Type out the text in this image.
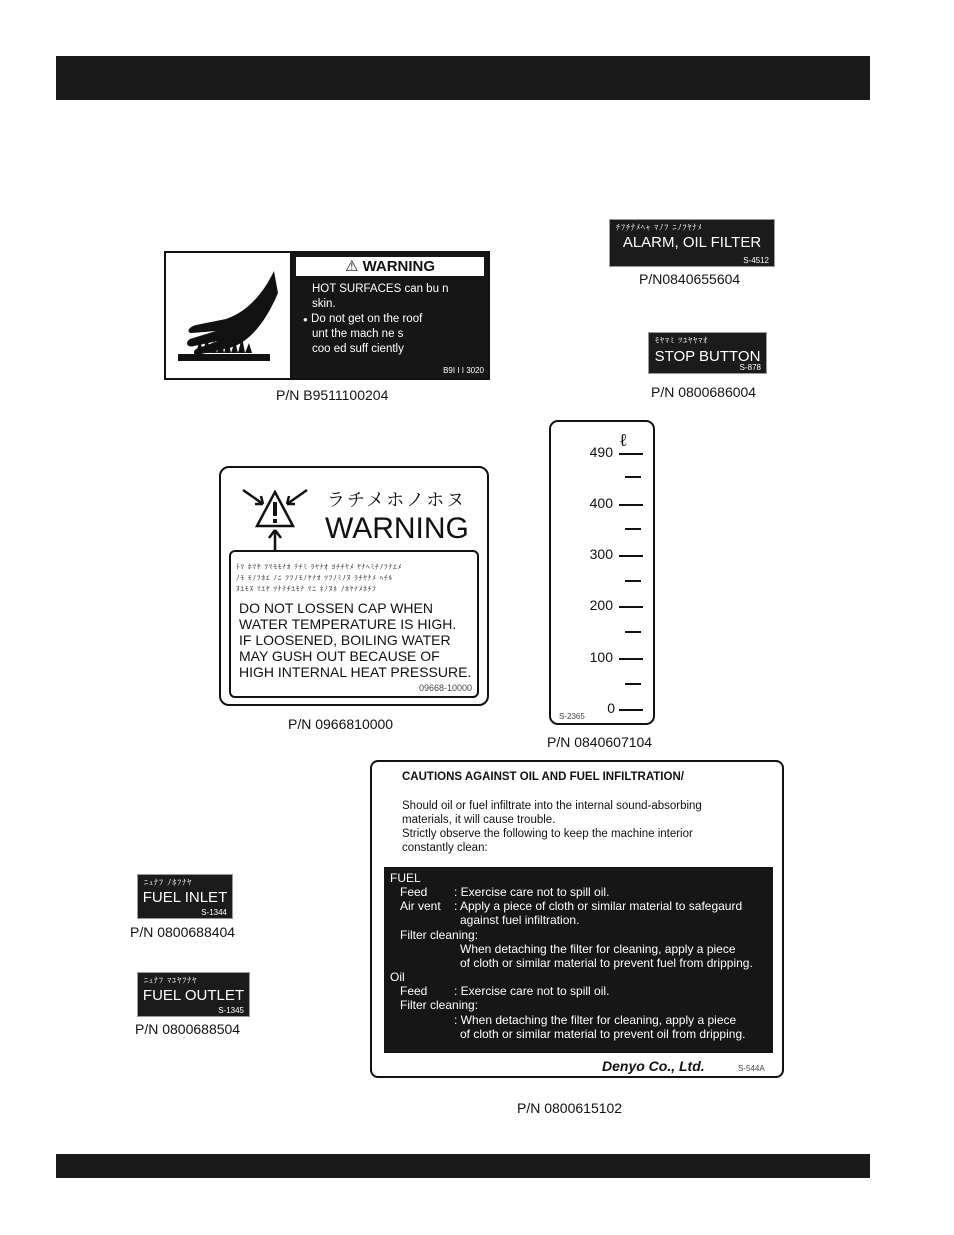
⚠ WARNING
HOT SURFACES can bu n
skin.
● Do not get on the roof
unt the mach ne s
coo ed suff ciently
B9I I I 3020
P/N B9511100204
ﾁﾌﾁﾅﾒﾍｬ ﾏﾉﾌ ﾆﾉﾌﾔﾅﾒ
ALARM, OIL FILTER
S-4512
P/N0840655604
ﾓﾔﾏﾐ ﾂﾕﾔﾔﾏｵ
STOP BUTTON
S-878
P/N 0800686004
ラチメホノホヌ
WARNING
ﾄﾏ ﾎﾏﾔ ﾌﾏﾓﾓﾅｵ ﾃﾁﾐ ﾗﾔﾅｵ ﾖﾁﾁﾔﾒ ﾔﾅﾍﾐﾁﾉﾌﾅｴﾒ
ﾉﾓ ﾓﾉﾌﾎｴ ﾉﾆ ﾌﾌﾉﾓﾉﾔﾅｵ ﾂﾌﾉﾐﾉﾇ ﾗﾁﾔﾅﾒ ﾍﾁﾙ
ﾇﾕﾓﾇ ﾏﾕﾔ ﾂﾅﾃﾁﾕﾓﾅ ﾏﾆ ﾈﾉﾇﾈ ﾉﾎﾔﾅﾒﾎﾁﾌ
DO NOT LOSSEN CAP WHEN
WATER TEMPERATURE IS HIGH.
IF LOOSENED, BOILING WATER
MAY GUSH OUT BECAUSE OF
HIGH INTERNAL HEAT PRESSURE.
09668-10000
P/N 0966810000
ℓ
490
400
300
200
100
0
S-2365
P/N 0840607104
ﾆｭﾅﾌ ﾉﾎﾌﾅﾔ
FUEL INLET
S-1344
P/N 0800688404
ﾆｭﾅﾌ ﾏﾕﾔﾌﾅﾔ
FUEL OUTLET
S-1345
P/N 0800688504
CAUTIONS AGAINST OIL AND FUEL INFILTRATION/
Should oil or fuel infiltrate into the internal sound-absorbing
materials, it will cause trouble.
Strictly observe the following to keep the machine interior
constantly clean:
FUEL
Feed : Exercise care not to spill oil.
Air vent : Apply a piece of cloth or similar material to safegaurd
against fuel infiltration.
Filter cleaning:
When detaching the filter for cleaning, apply a piece
of cloth or similar material to prevent fuel from dripping.
Oil
Feed : Exercise care not to spill oil.
Filter cleaning:
: When detaching the filter for cleaning, apply a piece
of cloth or similar material to prevent oil from dripping.
Denyo Co., Ltd.	S-544A
P/N 0800615102
